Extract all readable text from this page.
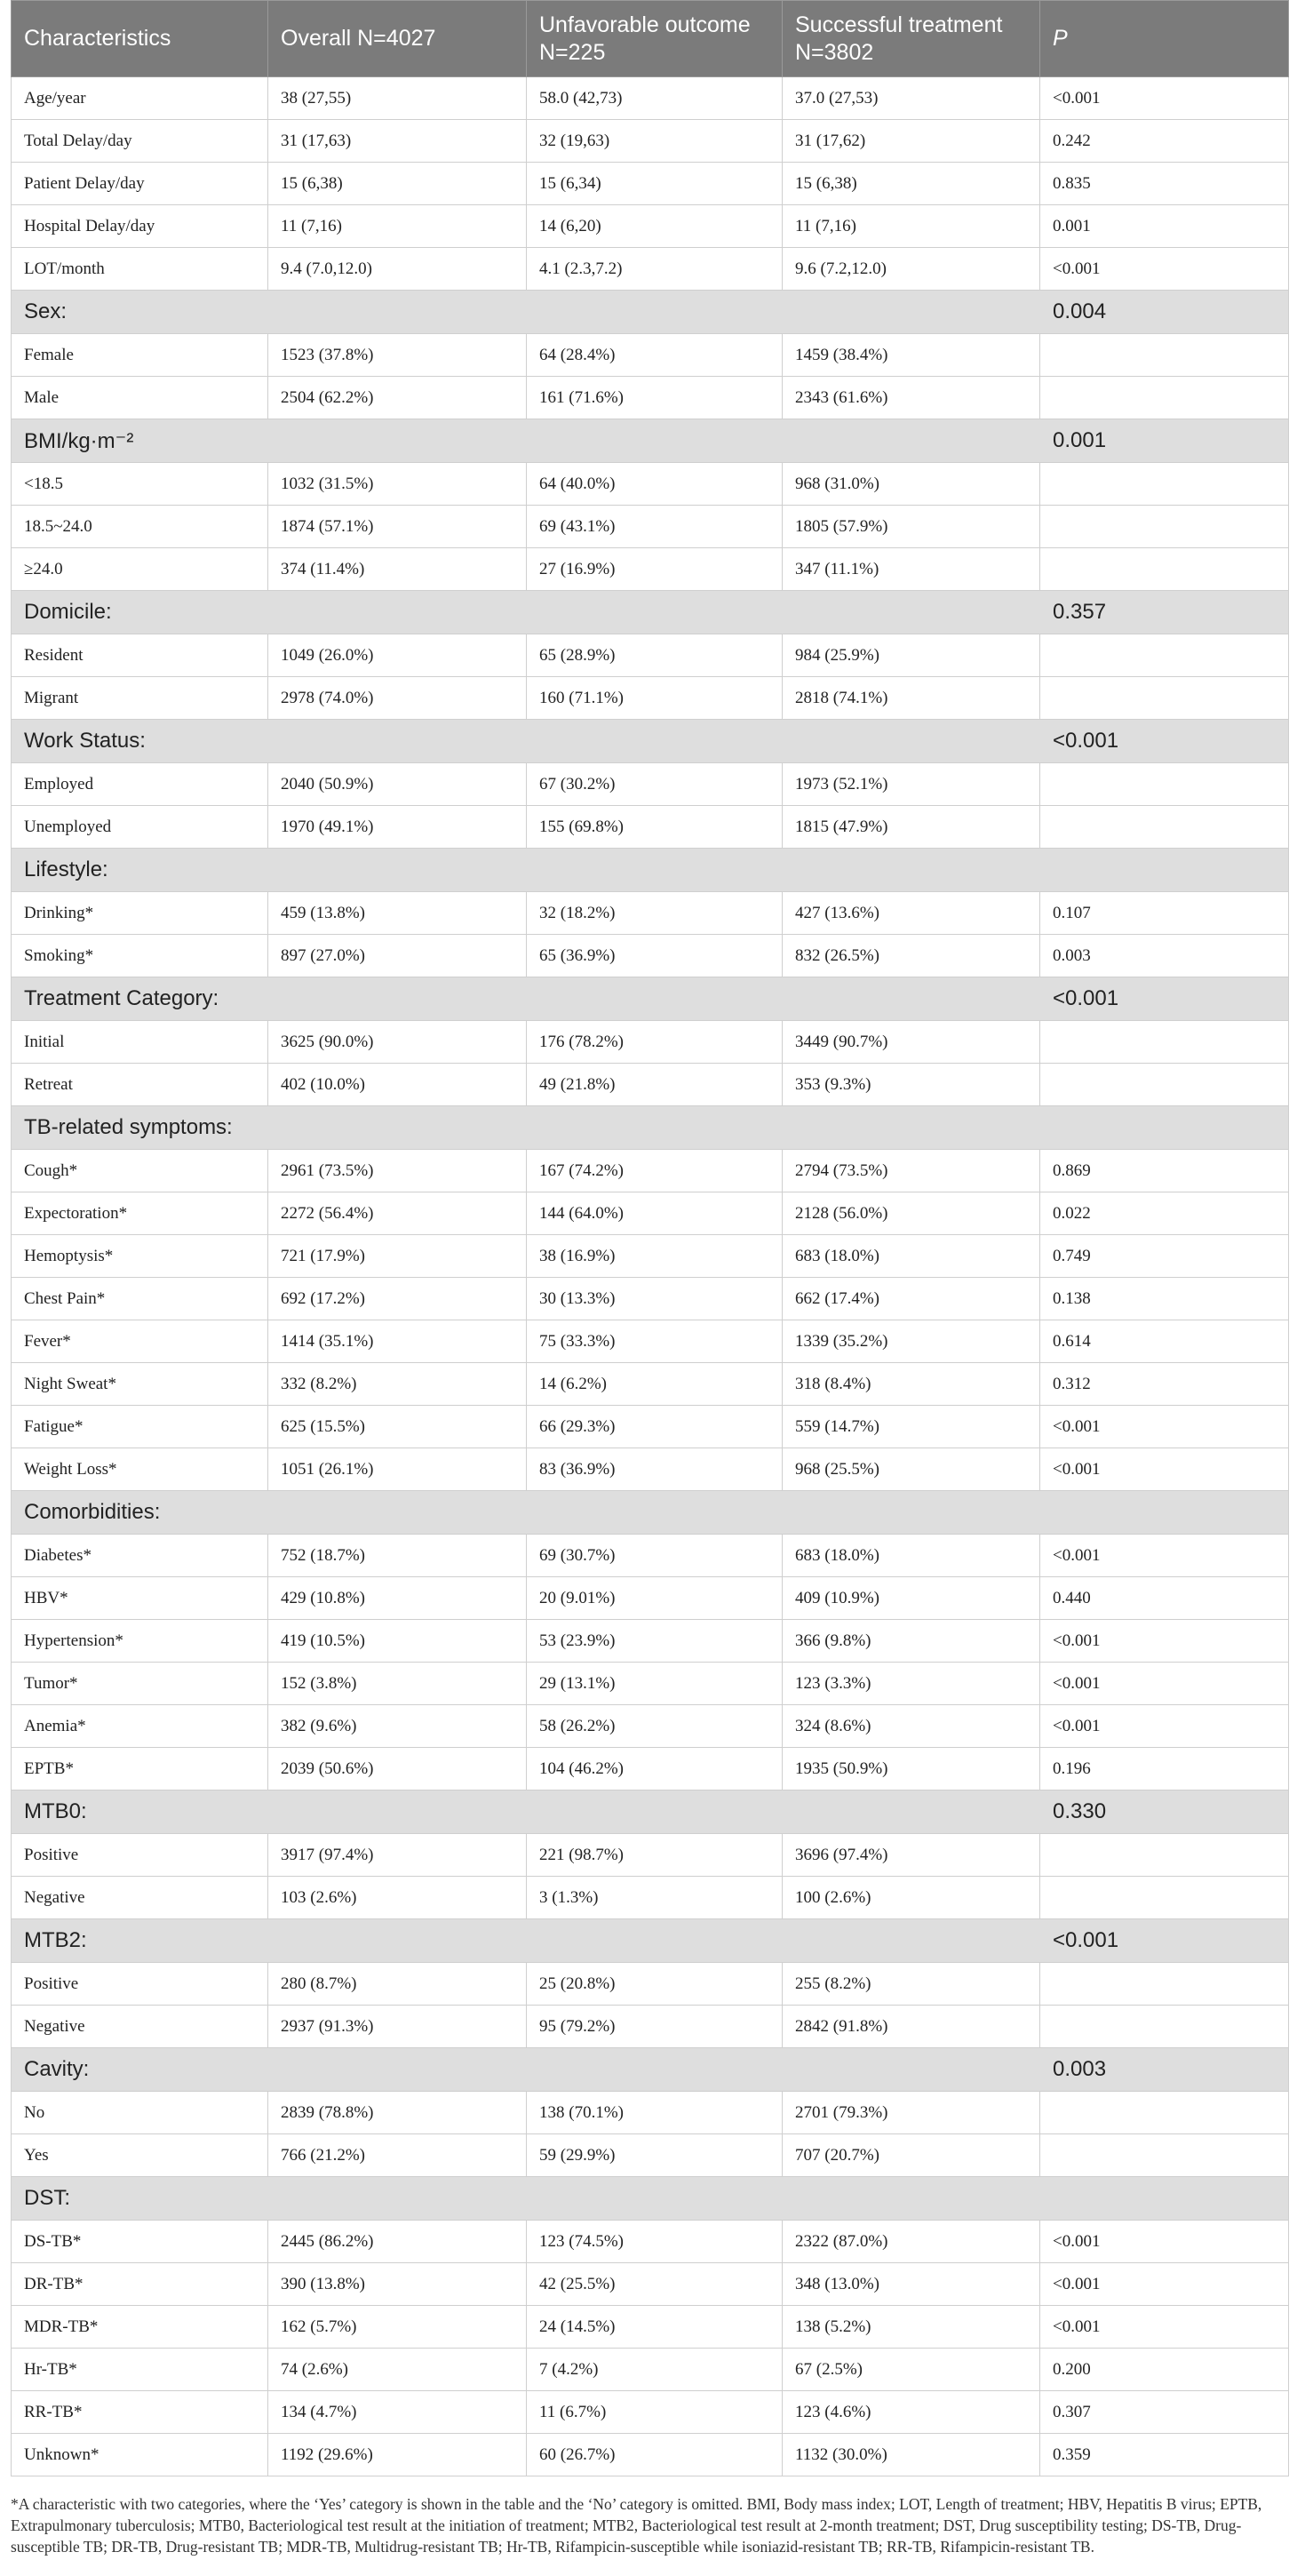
Characteristics	Overall N=4027	Unfavorable outcome N=225	Successful treatment N=3802	P
Age/year	38 (27,55)	58.0 (42,73)	37.0 (27,53)	<0.001
Total Delay/day	31 (17,63)	32 (19,63)	31 (17,62)	0.242
Patient Delay/day	15 (6,38)	15 (6,34)	15 (6,38)	0.835
Hospital Delay/day	11 (7,16)	14 (6,20)	11 (7,16)	0.001
LOT/month	9.4 (7.0,12.0)	4.1 (2.3,7.2)	9.6 (7.2,12.0)	<0.001
Sex:				0.004
Female	1523 (37.8%)	64 (28.4%)	1459 (38.4%)	
Male	2504 (62.2%)	161 (71.6%)	2343 (61.6%)	
BMI/kg·m⁻²				0.001
<18.5	1032 (31.5%)	64 (40.0%)	968 (31.0%)	
18.5~24.0	1874 (57.1%)	69 (43.1%)	1805 (57.9%)	
≥24.0	374 (11.4%)	27 (16.9%)	347 (11.1%)	
Domicile:				0.357
Resident	1049 (26.0%)	65 (28.9%)	984 (25.9%)	
Migrant	2978 (74.0%)	160 (71.1%)	2818 (74.1%)	
Work Status:				<0.001
Employed	2040 (50.9%)	67 (30.2%)	1973 (52.1%)	
Unemployed	1970 (49.1%)	155 (69.8%)	1815 (47.9%)	
Lifestyle:				
Drinking*	459 (13.8%)	32 (18.2%)	427 (13.6%)	0.107
Smoking*	897 (27.0%)	65 (36.9%)	832 (26.5%)	0.003
Treatment Category:				<0.001
Initial	3625 (90.0%)	176 (78.2%)	3449 (90.7%)	
Retreat	402 (10.0%)	49 (21.8%)	353 (9.3%)	
TB-related symptoms:				
Cough*	2961 (73.5%)	167 (74.2%)	2794 (73.5%)	0.869
Expectoration*	2272 (56.4%)	144 (64.0%)	2128 (56.0%)	0.022
Hemoptysis*	721 (17.9%)	38 (16.9%)	683 (18.0%)	0.749
Chest Pain*	692 (17.2%)	30 (13.3%)	662 (17.4%)	0.138
Fever*	1414 (35.1%)	75 (33.3%)	1339 (35.2%)	0.614
Night Sweat*	332 (8.2%)	14 (6.2%)	318 (8.4%)	0.312
Fatigue*	625 (15.5%)	66 (29.3%)	559 (14.7%)	<0.001
Weight Loss*	1051 (26.1%)	83 (36.9%)	968 (25.5%)	<0.001
Comorbidities:				
Diabetes*	752 (18.7%)	69 (30.7%)	683 (18.0%)	<0.001
HBV*	429 (10.8%)	20 (9.01%)	409 (10.9%)	0.440
Hypertension*	419 (10.5%)	53 (23.9%)	366 (9.8%)	<0.001
Tumor*	152 (3.8%)	29 (13.1%)	123 (3.3%)	<0.001
Anemia*	382 (9.6%)	58 (26.2%)	324 (8.6%)	<0.001
EPTB*	2039 (50.6%)	104 (46.2%)	1935 (50.9%)	0.196
MTB0:				0.330
Positive	3917 (97.4%)	221 (98.7%)	3696 (97.4%)	
Negative	103 (2.6%)	3 (1.3%)	100 (2.6%)	
MTB2:				<0.001
Positive	280 (8.7%)	25 (20.8%)	255 (8.2%)	
Negative	2937 (91.3%)	95 (79.2%)	2842 (91.8%)	
Cavity:				0.003
No	2839 (78.8%)	138 (70.1%)	2701 (79.3%)	
Yes	766 (21.2%)	59 (29.9%)	707 (20.7%)	
DST:				
DS-TB*	2445 (86.2%)	123 (74.5%)	2322 (87.0%)	<0.001
DR-TB*	390 (13.8%)	42 (25.5%)	348 (13.0%)	<0.001
MDR-TB*	162 (5.7%)	24 (14.5%)	138 (5.2%)	<0.001
Hr-TB*	74 (2.6%)	7 (4.2%)	67 (2.5%)	0.200
RR-TB*	134 (4.7%)	11 (6.7%)	123 (4.6%)	0.307
Unknown*	1192 (29.6%)	60 (26.7%)	1132 (30.0%)	0.359
*A characteristic with two categories, where the ‘Yes’ category is shown in the table and the ‘No’ category is omitted. BMI, Body mass index; LOT, Length of treatment; HBV, Hepatitis B virus; EPTB, Extrapulmonary tuberculosis; MTB0, Bacteriological test result at the initiation of treatment; MTB2, Bacteriological test result at 2-month treatment; DST, Drug susceptibility testing; DS-TB, Drug-susceptible TB; DR-TB, Drug-resistant TB; MDR-TB, Multidrug-resistant TB; Hr-TB, Rifampicin-susceptible while isoniazid-resistant TB; RR-TB, Rifampicin-resistant TB.
